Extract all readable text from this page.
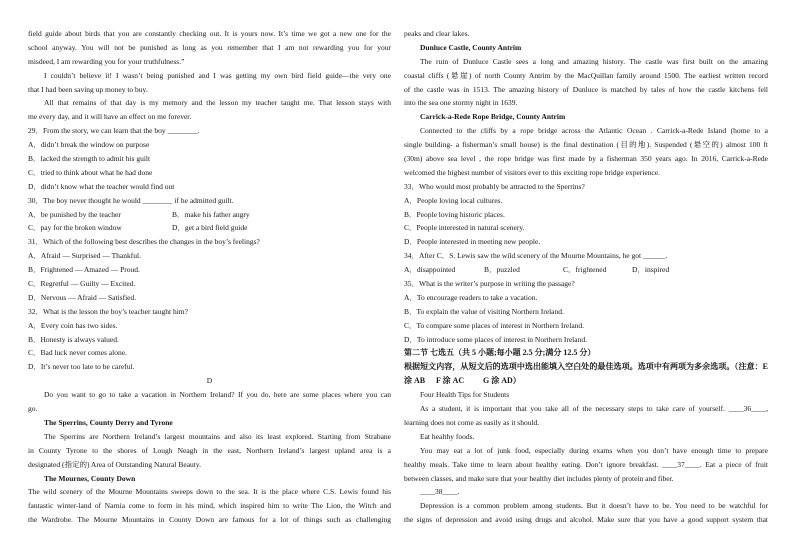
field guide about birds that you are constantly checking out. It is yours now. It’s time we got a new one for the
school anyway. You will not be punished as long as you remember that I am not rewarding you for your
misdeed, I am rewarding you for your truthfulness.”
I couldn’t believe it! I wasn’t being punished and I was getting my own bird field guide—the very one
that I had been saving up money to buy.
All that remains of that day is my memory and the lesson my teacher taught me. That lesson stays with
me every day, and it will have an effect on me forever.
29．From the story, we can learn that the boy ________.
A．didn’t break the window on purpose
B．lacked the strength to admit his guilt
C．tried to think about what he had done
D．didn’t know what the teacher would find out
30．The boy never thought he would ________ if he admitted guilt.
A．be punished by the teacher	B．make his father angry
C．pay for the broken window	D．get a bird field guide
31．Which of the following best describes the changes in the boy’s feelings?
A．Afraid — Surprised — Thankful.
B．Frightened — Amazed — Proud.
C．Regretful — Guilty — Excited.
D．Nervous — Afraid — Satisfied.
32．What is the lesson the boy’s teacher taught him?
A．Every coin has two sides.
B．Honesty is always valued.
C．Bad luck never comes alone.
D．It’s never too late to be careful.
D
Do you want to go to take a vacation in Northern Ireland? If you do, here are some places where you can
go.
The Sperrins, County Derry and Tyrone
The Sperrins are Northern Ireland’s largest mountains and also its least explored. Starting from Strabane
in County Tyrone to the shores of Lough Neagh in the east, Northern Ireland’s largest upland area is a
designated (指定的) Area of Outstanding Natural Beauty.
The Mournes, County Down
The wild scenery of the Mourne Mountains sweeps down to the sea. It is the place where C.S. Lewis found his
fantastic winter-land of Narnia come to form in his mind, which inspired him to write The Lion, the Witch and
the Wardrobe. The Mourne Mountains in County Down are famous for a lot of things such as challenging
peaks and clear lakes.
Dunluce Castle, County Antrim
The ruin of Dunluce Castle sees a long and amazing history. The castle was first built on the amazing
coastal cliffs (悬崖) of north County Antrim by the MacQuillan family around 1500. The earliest written record
of the castle was in 1513. The amazing history of Dunluce is matched by tales of how the castle kitchens fell
into the sea one stormy night in 1639.
Carrick-a-Rede Rope Bridge, County Antrim
Connected to the cliffs by a rope bridge across the Atlantic Ocean . Carrick-a-Rede Island (home to a
single building- a fisherman’s small house) is the final destination (目的地). Suspended (悬空的) almost 100 ft
(30m) above sea level , the rope bridge was first made by a fisherman 350 years ago. In 2016, Carrick-a-Rede
welcomed the highest number of visitors ever to this exciting rope bridge experience.
33．Who would most probably be attracted to the Sperrins?
A．People loving local cultures.
B．People loving historic places.
C．People interested in natural scenery.
D．People interested in meeting new people.
34．After C．S. Lewis saw the wild scenery of the Mourne Mountains, he got ______.
A．disappointed	B．puzzled	C．frightened	D．inspired
35．What is the writer’s purpose in writing the passage?
A．To encourage readers to take a vacation.
B．To explain the value of visiting Northern Ireland.
C．To compare some places of interest in Northern Ireland.
D．To introduce some places of interest in Northern Ireland.
第二节 七选五（共 5 小题;每小题 2.5 分;满分 12.5 分）
根据短文内容，从短文后的选项中选出能填入空白处的最佳选项。选项中有两项为多余选项。（注意：E
涂 AB F 涂 AC G 涂 AD）
Four Health Tips for Students
As a student, it is important that you take all of the necessary steps to take care of yourself. ____36____,
learning does not come as easily as it should.
Eat healthy foods.
You may eat a lot of junk food, especially during exams when you don’t have enough time to prepare
healthy meals. Take time to learn about healthy eating. Don’t ignore breakfast. ____37____. Eat a piece of fruit
between classes, and make sure that your healthy diet includes plenty of protein and fiber.
____38____.
Depression is a common problem among students. But it doesn’t have to be. You need to be watchful for
the signs of depression and avoid using drugs and alcohol. Make sure that you have a good support system that
